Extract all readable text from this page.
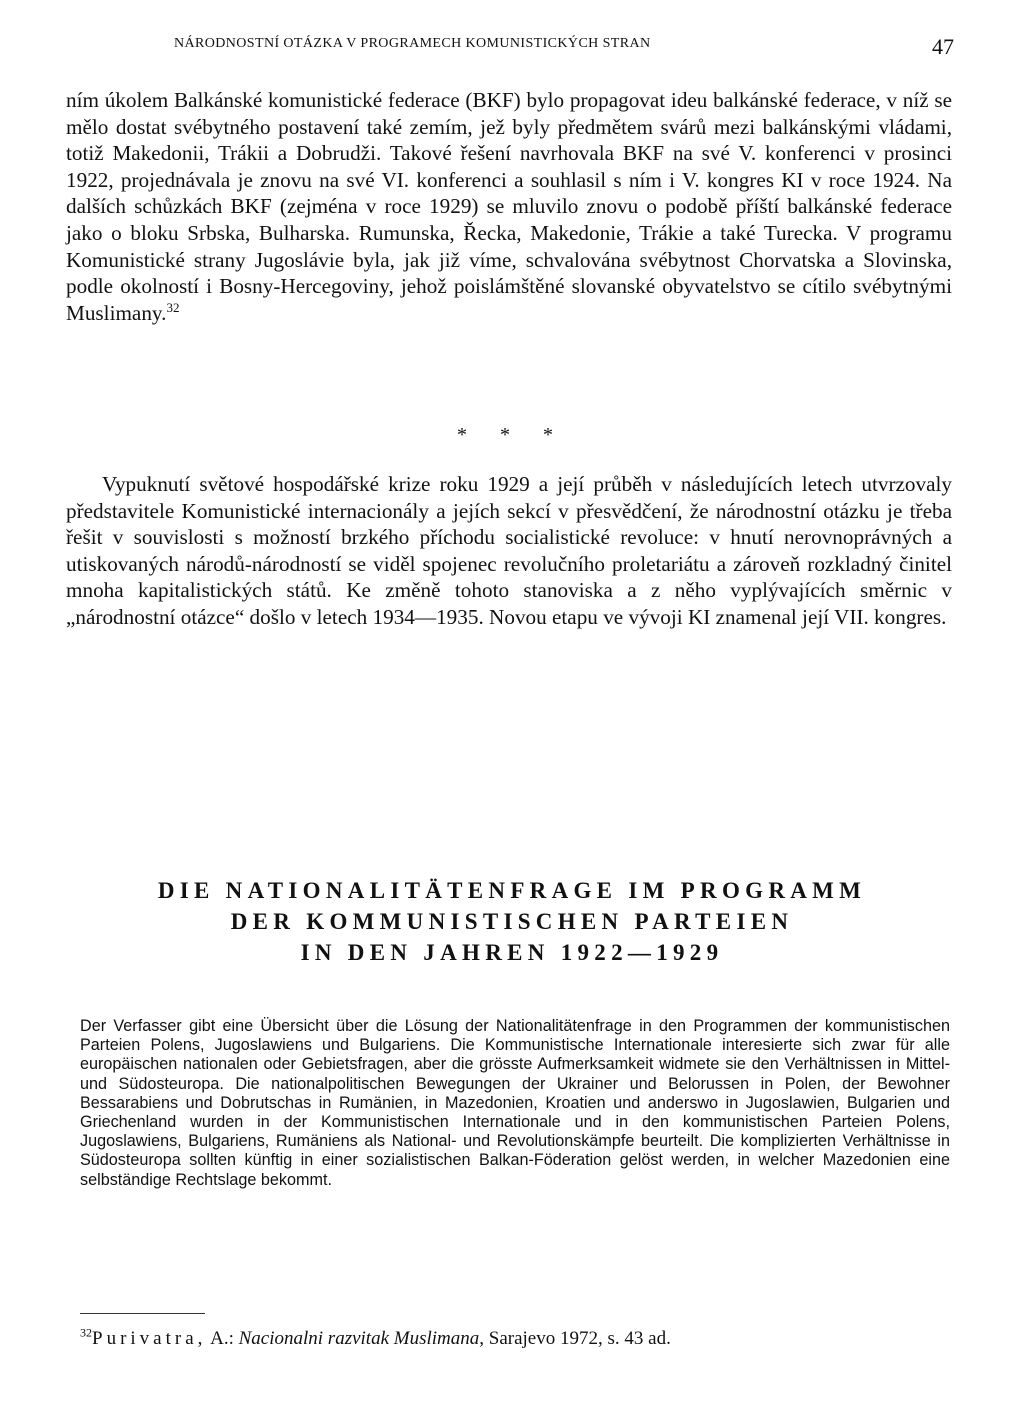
NÁRODNOSTNÍ OTÁZKA V PROGRAMECH KOMUNISTICKÝCH STRAN	47

ním úkolem Balkánské komunistické federace (BKF) bylo propagovat ideu balkánské federace, v níž se mělo dostat svébytného postavení také zemím, jež byly předmětem svárů mezi balkánskými vládami, totiž Makedonii, Trákii a Dobrudži. Takové řešení navrhovala BKF na své V. konferenci v prosinci 1922, projednávala je znovu na své VI. konferenci a souhlasil s ním i V. kongres KI v roce 1924. Na dalších schůzkách BKF (zejména v roce 1929) se mluvilo znovu o podobě příští balkánské federace jako o bloku Srbska, Bulharska. Rumunska, Řecka, Makedonie, Trákie a také Turecka. V programu Komunistické strany Jugoslávie byla, jak již víme, schvalována svébytnost Chorvatska a Slovinska, podle okolností i Bosny-Hercegoviny, jehož poislámštěné slovanské obyvatelstvo se cítilo svébytnými Muslimany.$^{32}$

* * *

Vypuknutí světové hospodářské krize roku 1929 a její průběh v následujících letech utvrzovaly představitele Komunistické internacionály a jejích sekcí v přesvědčení, že národnostní otázku je třeba řešit v souvislosti s možností brzkého příchodu socialistické revoluce: v hnutí nerovnoprávných a utiskovaných národů-národností se viděl spojenec revolučního proletariátu a zároveň rozkladný činitel mnoha kapitalistických států. Ke změně tohoto stanoviska a z něho vyplývajících směrnic v „národnostní otázce“ došlo v letech 1934—1935. Novou etapu ve vývoji KI znamenal její VII. kongres.

DIE NATIONALITÄTENFRAGE IM PROGRAMM
DER KOMMUNISTISCHEN PARTEIEN
IN DEN JAHREN 1922—1929

Der Verfasser gibt eine Übersicht über die Lösung der Nationalitätenfrage in den Programmen der kommunistischen Parteien Polens, Jugoslawiens und Bulgariens. Die Kommunistische Internationale interesierte sich zwar für alle europäischen nationalen oder Gebietsfragen, aber die grösste Aufmerksamkeit widmete sie den Verhältnissen in Mittel- und Südosteuropa. Die nationalpolitischen Bewegungen der Ukrainer und Belorussen in Polen, der Bewohner Bessarabiens und Dobrutschas in Rumänien, in Mazedonien, Kroatien und anderswo in Jugoslawien, Bulgarien und Griechenland wurden in der Kommunistischen Internationale und in den kommunistischen Parteien Polens, Jugoslawiens, Bulgariens, Rumäniens als National- und Revolutionskämpfe beurteilt. Die komplizierten Verhältnisse in Südosteuropa sollten künftig in einer sozialistischen Balkan-Föderation gelöst werden, in welcher Mazedonien eine selbständige Rechtslage bekommt.

$^{32}$Purivatra, A.: Nacionalni razvitak Muslimana, Sarajevo 1972, s. 43 ad.
